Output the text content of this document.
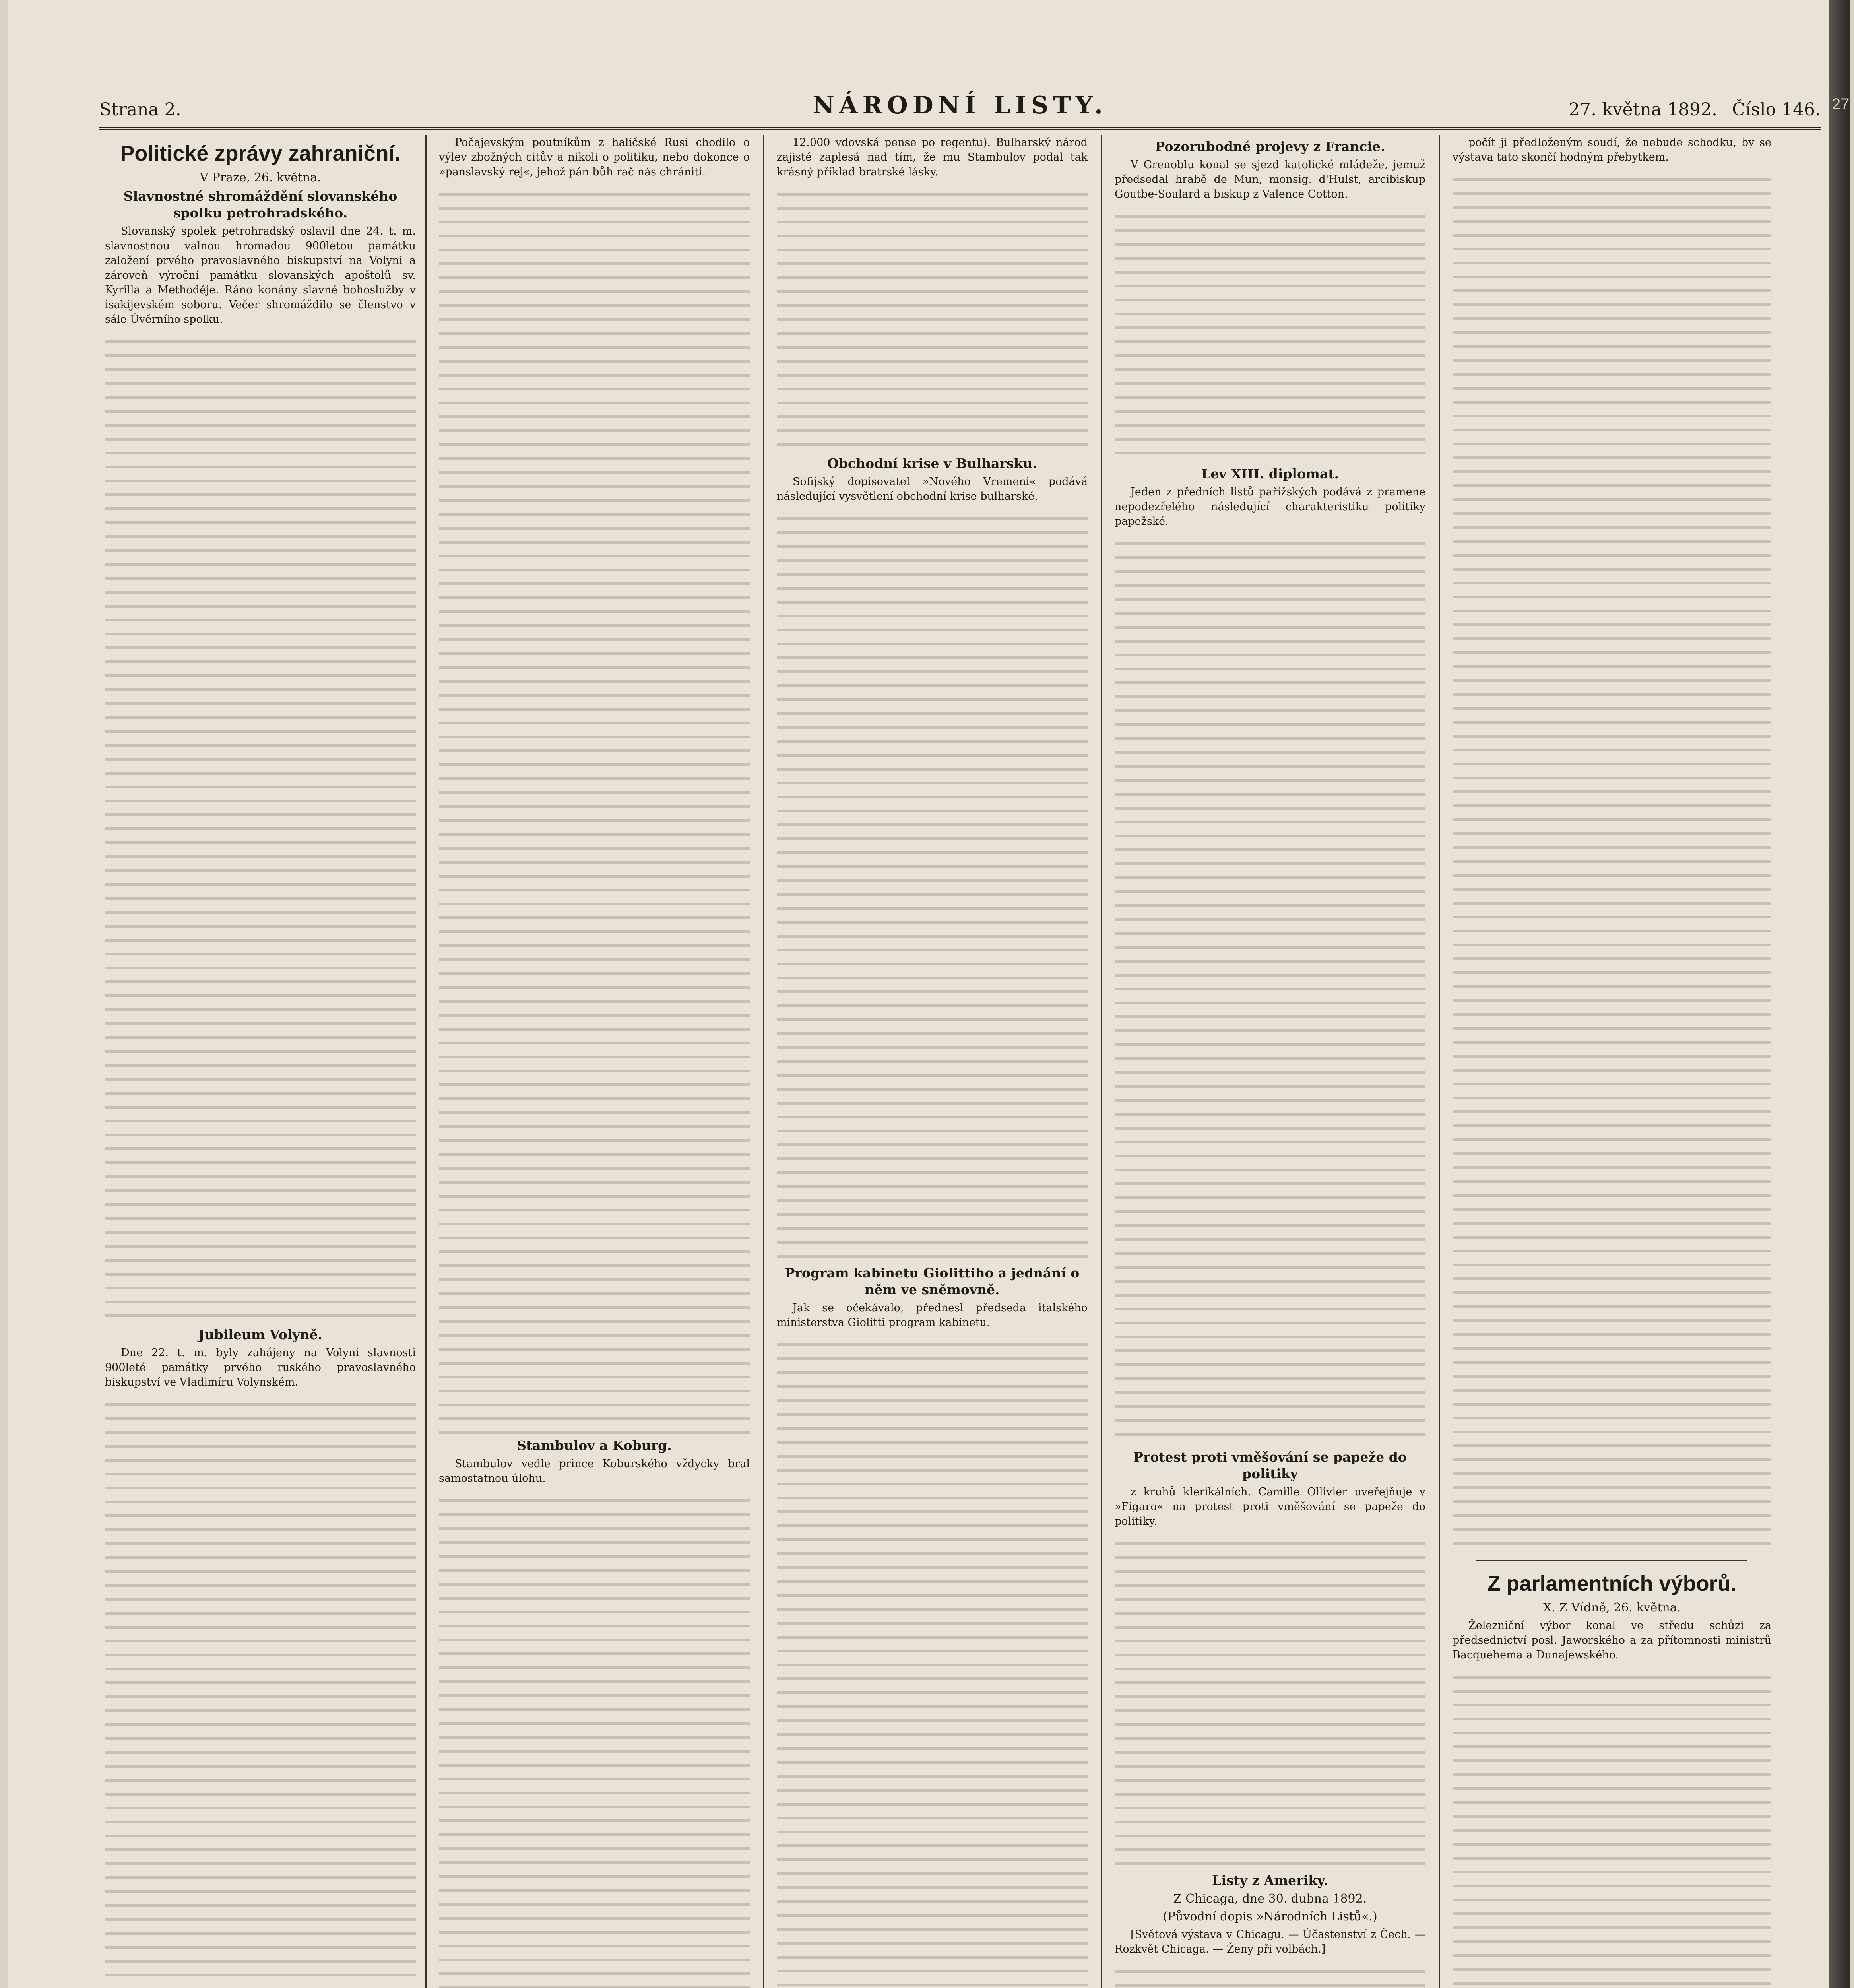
Strana 2.	NÁRODNÍ LISTY.	27. května 1892. Číslo 146.
Politické zprávy zahraniční.
V Praze, 26. května.
Slavnostné shromáždění slovanského spolku petrohradského.

Slovanský spolek petrohradský oslavil dne 24. t. m. slavnostnou valnou hromadou 900letou památku založení prvého pravoslavného biskupství na Volyni a zároveň výroční památku slovanských apoštolů sv. Kyrilla a Methoděje. Ráno konány slavné bohoslužby v isakijevském soboru. Večer shromáždilo se členstvo v sále Úvěrního spolku.

Jubileum Volyně.

Dne 22. t. m. byly zahájeny na Volyni slavnosti 900leté památky prvého ruského pravoslavného biskupství ve Vladimíru Volynském.

Počajevským poutníkům z haličské Rusi chodilo o výlev zbožných citův a nikoli o politiku, nebo dokonce o »panslavský rej«, jehož pán bůh rač nás chrániti.

Stambulov a Koburg.

Stambulov vedle prince Koburského vždycky bral samostatnou úlohu.

12.000 vdovská pense po regentu). Bulharský národ zajisté zaplesá nad tím, že mu Stambulov podal tak krásný příklad bratrské lásky.

Obchodní krise v Bulharsku.

Sofijský dopisovatel »Nového Vremeni« podává následující vysvětlení obchodní krise bulharské.

Program kabinetu Giolittiho a jednání o něm ve sněmovně.

Jak se očekávalo, přednesl předseda italského ministerstva Giolitti program kabinetu.

Pozorubodné projevy z Francie.

V Grenoblu konal se sjezd katolické mládeže, jemuž předsedal hrabě de Mun, monsig. d'Hulst, arcibiskup Goutbe-Soulard a biskup z Valence Cotton.

Lev XIII. diplomat.

Jeden z předních listů pařížských podává z pramene nepodezřelého následující charakteristiku politiky papežské.

Protest proti vměšování se papeže do politiky

z kruhů klerikálních. Camille Ollivier uveřejňuje v »Figaro« na protest proti vměšování se papeže do politiky.

Listy z Ameriky.
Z Chicaga, dne 30. dubna 1892.
(Původní dopis »Národních Listů«.)

[Světová výstava v Chicagu. — Účastenství z Čech. — Rozkvět Chicaga. — Ženy při volbách.]

počít ji předloženým soudí, že nebude schodku, by se výstava tato skončí hodným přebytkem.

Z parlamentních výborů.
X. Z Vídně, 26. května.

Železniční výbor konal ve středu schůzi za předsednictví posl. Jaworského a za přítomnosti ministrů Bacquehema a Dunajewského.

27.
